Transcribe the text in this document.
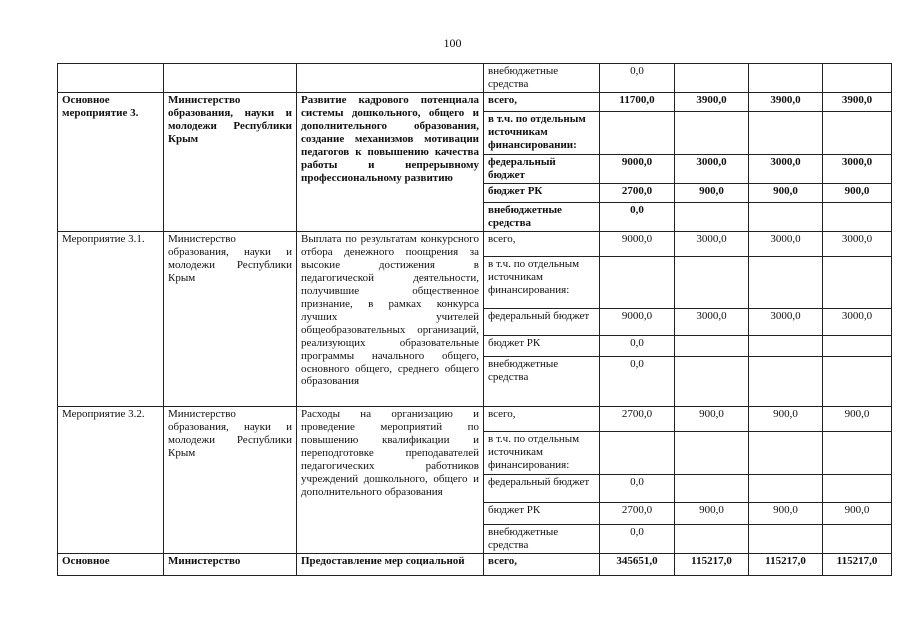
100
			внебюджетные средства	0,0			
Основное мероприятие 3.	Министерство образования, науки и молодежи Республики Крым	Развитие кадрового потенциала системы дошкольного, общего и дополнительного образования, создание механизмов мотивации педагогов к повышению качества работы и непрерывному профессиональному развитию	всего,	11700,0	3900,0	3900,0	3900,0
			в т.ч. по отдельным источникам финансировании:				
			федеральный бюджет	9000,0	3000,0	3000,0	3000,0
			бюджет РК	2700,0	900,0	900,0	900,0
			внебюджетные средства	0,0			
Мероприятие 3.1.	Министерство образования, науки и молодежи Республики Крым	Выплата по результатам конкурсного отбора денежного поощрения за высокие достижения в педагогической деятельности, получившие общественное признание, в рамках конкурса лучших учителей общеобразовательных организаций, реализующих образовательные программы начального общего, основного общего, среднего общего образования	всего,	9000,0	3000,0	3000,0	3000,0
			в т.ч. по отдельным источникам финансирования:				
			федеральный бюджет	9000,0	3000,0	3000,0	3000,0
			бюджет РК	0,0			
			внебюджетные средства	0,0			
Мероприятие 3.2.	Министерство образования, науки и молодежи Республики Крым	Расходы на организацию и проведение мероприятий по повышению квалификации и переподготовке преподавателей педагогических работников учреждений дошкольного, общего и дополнительного образования	всего,	2700,0	900,0	900,0	900,0
			в т.ч. по отдельным источникам финансирования:				
			федеральный бюджет	0,0			
			бюджет РК	2700,0	900,0	900,0	900,0
			внебюджетные средства	0,0			
Основное	Министерство	Предоставление мер социальной	всего,	345651,0	115217,0	115217,0	115217,0
